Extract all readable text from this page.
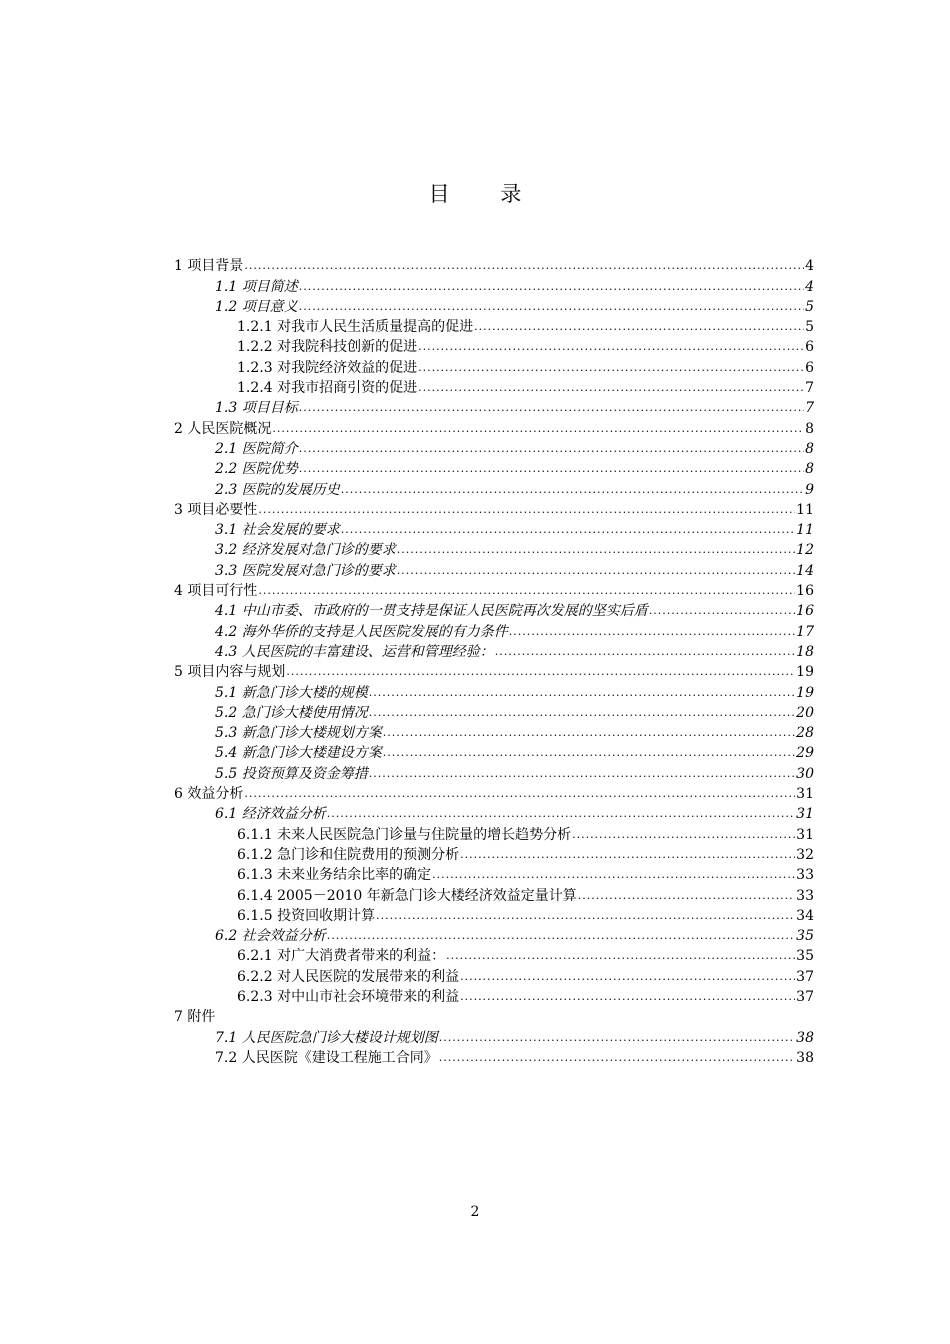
目 录
1 项目背景 .....	4
1.1 项目简述 .....	4
1.2 项目意义 .....	5
1.2.1 对我市人民生活质量提高的促进 .....	5
1.2.2 对我院科技创新的促进 .....	6
1.2.3 对我院经济效益的促进 .....	6
1.2.4 对我市招商引资的促进 .....	7
1.3 项目目标 .....	7
2 人民医院概况 .....	8
2.1 医院简介 .....	8
2.2 医院优势 .....	8
2.3 医院的发展历史 .....	9
3 项目必要性 .....	11
3.1 社会发展的要求 .....	11
3.2 经济发展对急门诊的要求 .....	12
3.3 医院发展对急门诊的要求 .....	14
4 项目可行性 .....	16
4.1 中山市委、市政府的一贯支持是保证人民医院再次发展的坚实后盾 .....	16
4.2 海外华侨的支持是人民医院发展的有力条件 .....	17
4.3 人民医院的丰富建设、运营和管理经验： .....	18
5 项目内容与规划 .....	19
5.1 新急门诊大楼的规模 .....	19
5.2 急门诊大楼使用情况 .....	20
5.3 新急门诊大楼规划方案 .....	28
5.4 新急门诊大楼建设方案 .....	29
5.5 投资预算及资金筹措 .....	30
6 效益分析 .....	31
6.1 经济效益分析 .....	31
6.1.1 未来人民医院急门诊量与住院量的增长趋势分析 .....	31
6.1.2 急门诊和住院费用的预测分析 .....	32
6.1.3 未来业务结余比率的确定 .....	33
6.1.4 2005－2010 年新急门诊大楼经济效益定量计算 .....	33
6.1.5 投资回收期计算 .....	34
6.2 社会效益分析 .....	35
6.2.1 对广大消费者带来的利益： .....	35
6.2.2 对人民医院的发展带来的利益 .....	37
6.2.3 对中山市社会环境带来的利益 .....	37
7 附件
7.1 人民医院急门诊大楼设计规划图 .....	38
7.2 人民医院《建设工程施工合同》 .....	38
2
